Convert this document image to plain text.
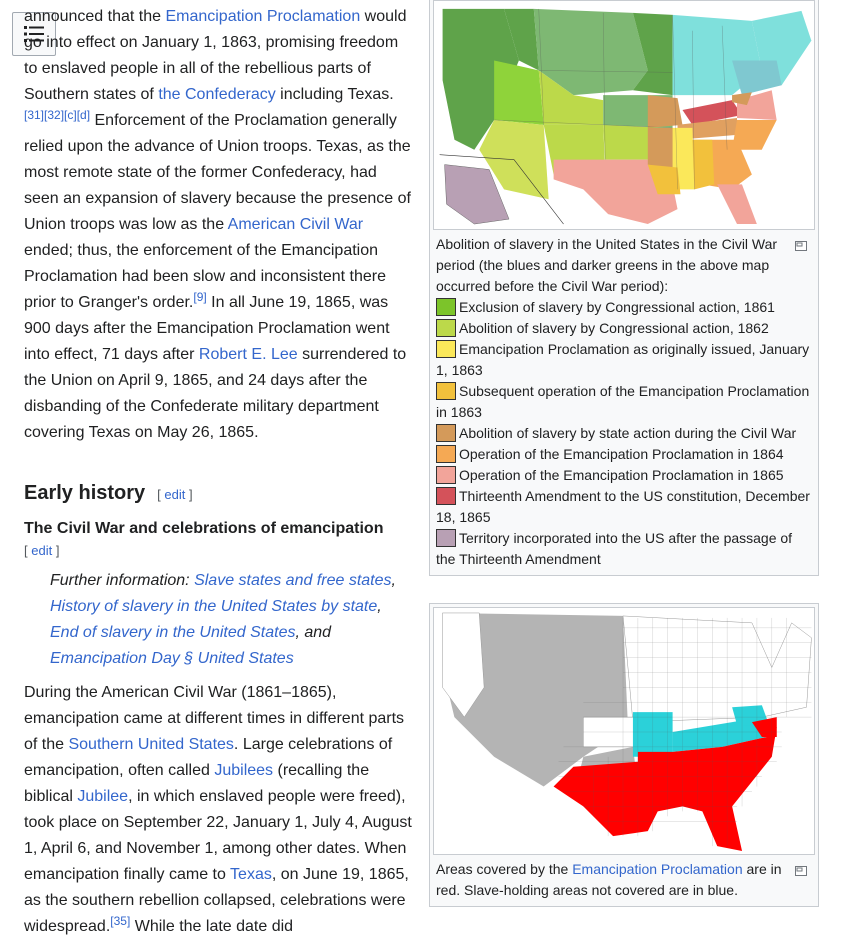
announced that the Emancipation Proclamation would go into effect on January 1, 1863, promising freedom to enslaved people in all of the rebellious parts of Southern states of the Confederacy including Texas. [31][32][c][d] Enforcement of the Proclamation generally relied upon the advance of Union troops. Texas, as the most remote state of the former Confederacy, had seen an expansion of slavery because the presence of Union troops was low as the American Civil War ended; thus, the enforcement of the Emancipation Proclamation had been slow and inconsistent there prior to Granger's order.[9] In all June 19, 1865, was 900 days after the Emancipation Proclamation went into effect, 71 days after Robert E. Lee surrendered to the Union on April 9, 1865, and 24 days after the disbanding of the Confederate military department covering Texas on May 26, 1865.

Early history [ edit ]
The Civil War and celebrations of emancipation
[ edit ]
Further information: Slave states and free states, History of slavery in the United States by state, End of slavery in the United States, and Emancipation Day § United States

During the American Civil War (1861–1865), emancipation came at different times in different parts of the Southern United States. Large celebrations of emancipation, often called Jubilees (recalling the biblical Jubilee, in which enslaved people were freed), took place on September 22, January 1, July 4, August 1, April 6, and November 1, among other dates. When emancipation finally came to Texas, on June 19, 1865, as the southern rebellion collapsed, celebrations were widespread.[35] While the late date did

Abolition of slavery in the United States in the Civil War period (the blues and darker greens in the above map occurred before the Civil War period):
Exclusion of slavery by Congressional action, 1861
Abolition of slavery by Congressional action, 1862
Emancipation Proclamation as originally issued, January 1, 1863
Subsequent operation of the Emancipation Proclamation in 1863
Abolition of slavery by state action during the Civil War
Operation of the Emancipation Proclamation in 1864
Operation of the Emancipation Proclamation in 1865
Thirteenth Amendment to the US constitution, December 18, 1865
Territory incorporated into the US after the passage of the Thirteenth Amendment
Areas covered by the Emancipation Proclamation are in red. Slave-holding areas not covered are in blue.
